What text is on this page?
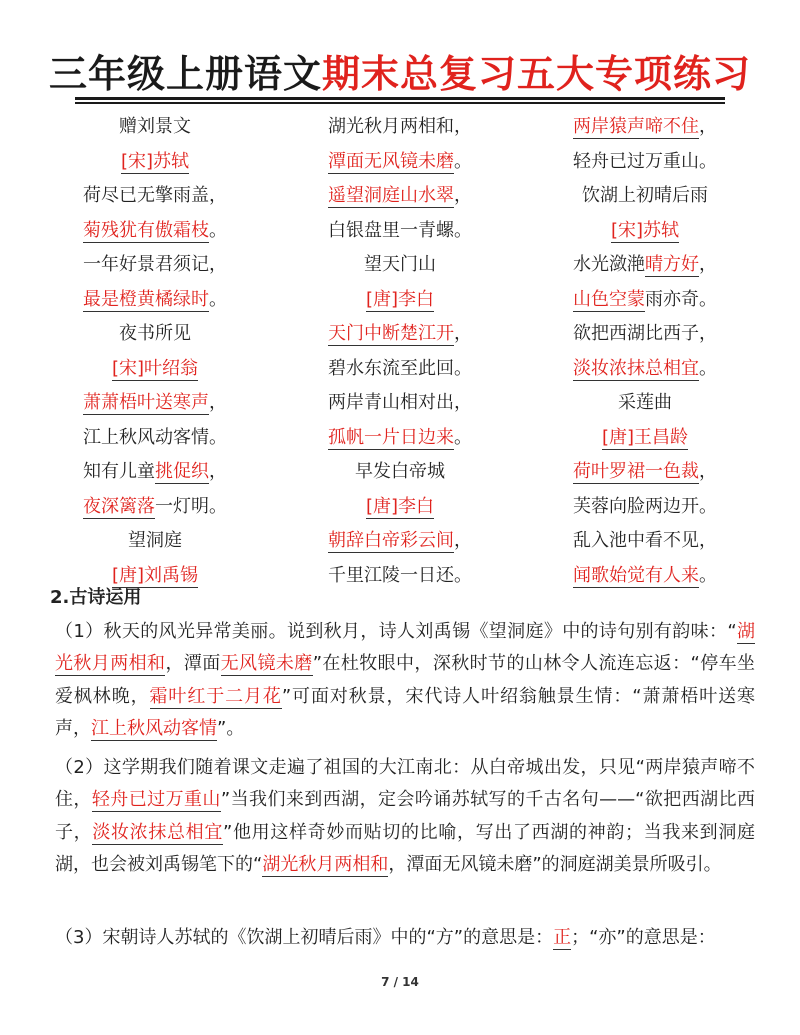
三年级上册语文期末总复习五大专项练习
赠刘景文
[宋]苏轼
荷尽已无擎雨盖，
菊残犹有傲霜枝。
一年好景君须记，
最是橙黄橘绿时。
夜书所见
[宋]叶绍翁
萧萧梧叶送寒声，
江上秋风动客情。
知有儿童挑促织，
夜深篱落一灯明。
望洞庭
[唐]刘禹锡
湖光秋月两相和，
潭面无风镜未磨。
遥望洞庭山水翠，
白银盘里一青螺。
望天门山
[唐]李白
天门中断楚江开，
碧水东流至此回。
两岸青山相对出，
孤帆一片日边来。
早发白帝城
[唐]李白
朝辞白帝彩云间，
千里江陵一日还。
两岸猿声啼不住，
轻舟已过万重山。
饮湖上初晴后雨
[宋]苏轼
水光潋滟晴方好，
山色空蒙雨亦奇。
欲把西湖比西子，
淡妆浓抹总相宜。
采莲曲
[唐]王昌龄
荷叶罗裙一色裁，
芙蓉向脸两边开。
乱入池中看不见，
闻歌始觉有人来。
2.古诗运用
（1）秋天的风光异常美丽。说到秋月，诗人刘禹锡《望洞庭》中的诗句别有韵味：“湖光秋月两相和，潭面无风镜未磨”在杜牧眼中，深秋时节的山林令人流连忘返：“停车坐爱枫林晚，霜叶红于二月花”可面对秋景，宋代诗人叶绍翁触景生情：“萧萧梧叶送寒声，江上秋风动客情”。
（2）这学期我们随着课文走遍了祖国的大江南北：从白帝城出发，只见“两岸猿声啼不住，轻舟已过万重山”当我们来到西湖，定会吟诵苏轼写的千古名句——“欲把西湖比西子，淡妆浓抹总相宜”他用这样奇妙而贴切的比喻，写出了西湖的神韵；当我来到洞庭湖，也会被刘禹锡笔下的“湖光秋月两相和，潭面无风镜未磨”的洞庭湖美景所吸引。
（3）宋朝诗人苏轼的《饮湖上初晴后雨》中的“方”的意思是：正；“亦”的意思是：
7 / 14
